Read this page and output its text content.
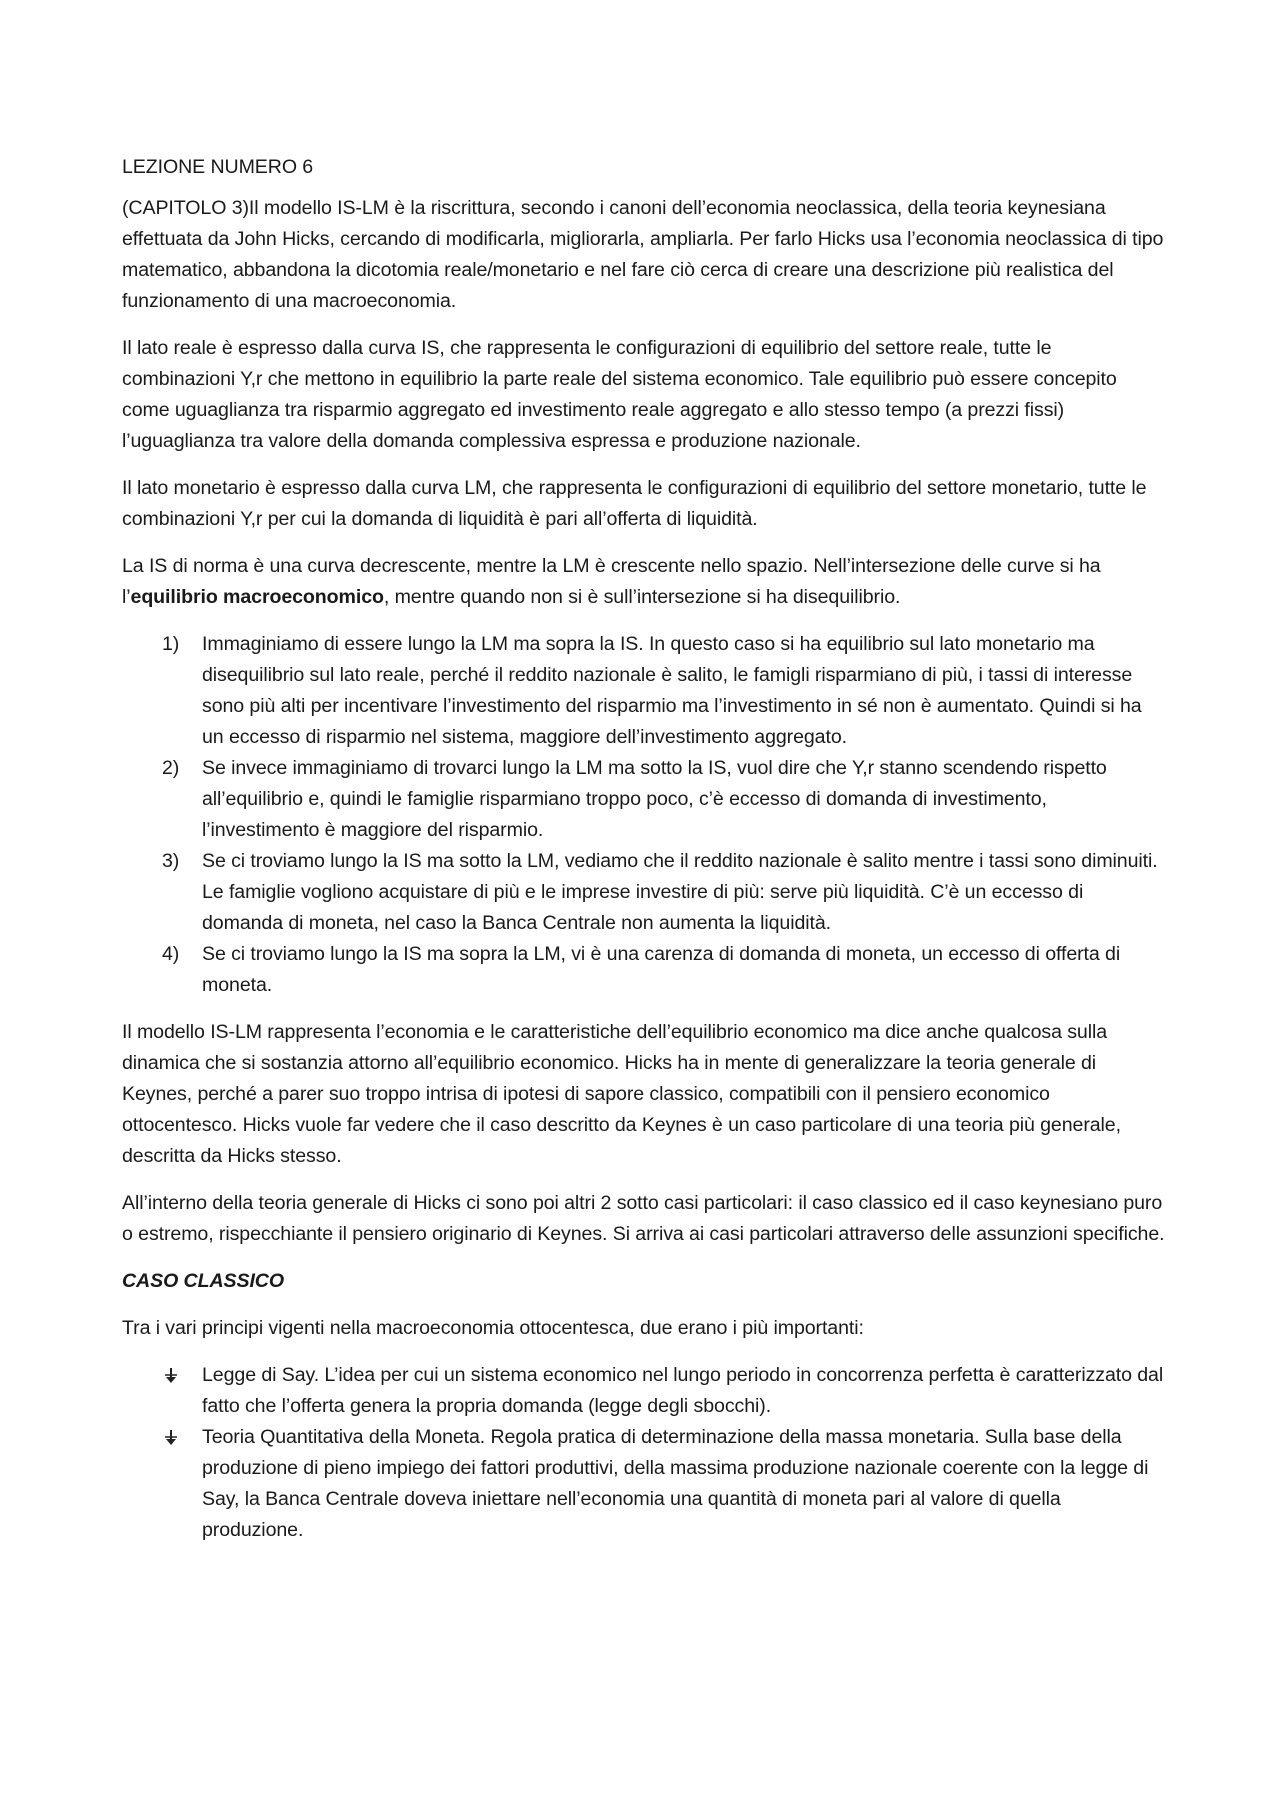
LEZIONE NUMERO 6

(CAPITOLO 3)Il modello IS-LM è la riscrittura, secondo i canoni dell’economia neoclassica, della teoria keynesiana effettuata da John Hicks, cercando di modificarla, migliorarla, ampliarla. Per farlo Hicks usa l’economia neoclassica di tipo matematico, abbandona la dicotomia reale/monetario e nel fare ciò cerca di creare una descrizione più realistica del funzionamento di una macroeconomia.

Il lato reale è espresso dalla curva IS, che rappresenta le configurazioni di equilibrio del settore reale, tutte le combinazioni Y,r che mettono in equilibrio la parte reale del sistema economico. Tale equilibrio può essere concepito come uguaglianza tra risparmio aggregato ed investimento reale aggregato e allo stesso tempo (a prezzi fissi) l’uguaglianza tra valore della domanda complessiva espressa e produzione nazionale.

Il lato monetario è espresso dalla curva LM, che rappresenta le configurazioni di equilibrio del settore monetario, tutte le combinazioni Y,r per cui la domanda di liquidità è pari all’offerta di liquidità.

La IS di norma è una curva decrescente, mentre la LM è crescente nello spazio. Nell’intersezione delle curve si ha l’equilibrio macroeconomico, mentre quando non si è sull’intersezione si ha disequilibrio.

1) Immaginiamo di essere lungo la LM ma sopra la IS. In questo caso si ha equilibrio sul lato monetario ma disequilibrio sul lato reale, perché il reddito nazionale è salito, le famigli risparmiano di più, i tassi di interesse sono più alti per incentivare l’investimento del risparmio ma l’investimento in sé non è aumentato. Quindi si ha un eccesso di risparmio nel sistema, maggiore dell’investimento aggregato.
2) Se invece immaginiamo di trovarci lungo la LM ma sotto la IS, vuol dire che Y,r stanno scendendo rispetto all’equilibrio e, quindi le famiglie risparmiano troppo poco, c’è eccesso di domanda di investimento, l’investimento è maggiore del risparmio.
3) Se ci troviamo lungo la IS ma sotto la LM, vediamo che il reddito nazionale è salito mentre i tassi sono diminuiti. Le famiglie vogliono acquistare di più e le imprese investire di più: serve più liquidità. C’è un eccesso di domanda di moneta, nel caso la Banca Centrale non aumenta la liquidità.
4) Se ci troviamo lungo la IS ma sopra la LM, vi è una carenza di domanda di moneta, un eccesso di offerta di moneta.

Il modello IS-LM rappresenta l’economia e le caratteristiche dell’equilibrio economico ma dice anche qualcosa sulla dinamica che si sostanzia attorno all’equilibrio economico. Hicks ha in mente di generalizzare la teoria generale di Keynes, perché a parer suo troppo intrisa di ipotesi di sapore classico, compatibili con il pensiero economico ottocentesco. Hicks vuole far vedere che il caso descritto da Keynes è un caso particolare di una teoria più generale, descritta da Hicks stesso.

All’interno della teoria generale di Hicks ci sono poi altri 2 sotto casi particolari: il caso classico ed il caso keynesiano puro o estremo, rispecchiante il pensiero originario di Keynes. Si arriva ai casi particolari attraverso delle assunzioni specifiche.

CASO CLASSICO

Tra i vari principi vigenti nella macroeconomia ottocentesca, due erano i più importanti:

Legge di Say. L’idea per cui un sistema economico nel lungo periodo in concorrenza perfetta è caratterizzato dal fatto che l’offerta genera la propria domanda (legge degli sbocchi).
Teoria Quantitativa della Moneta. Regola pratica di determinazione della massa monetaria. Sulla base della produzione di pieno impiego dei fattori produttivi, della massima produzione nazionale coerente con la legge di Say, la Banca Centrale doveva iniettare nell’economia una quantità di moneta pari al valore di quella produzione.
